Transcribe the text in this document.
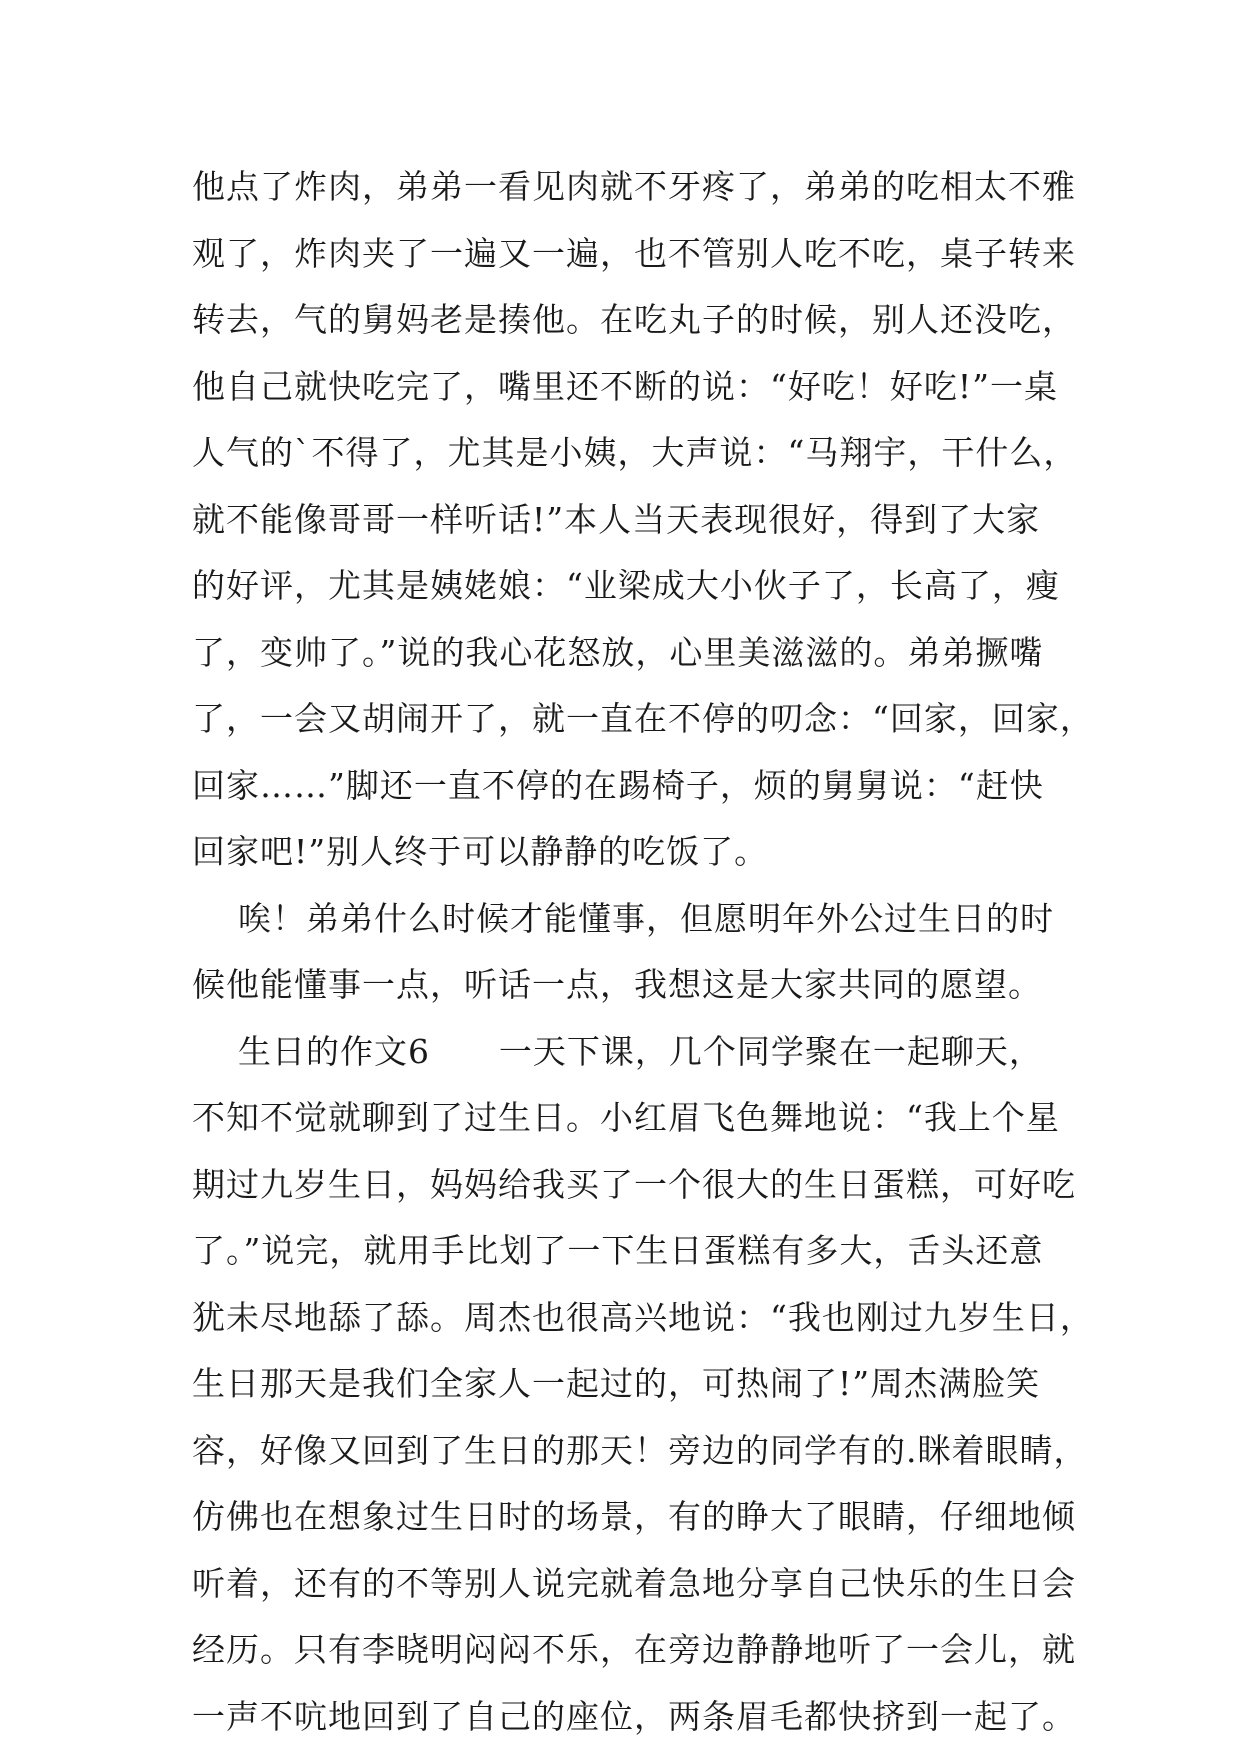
他点了炸肉，弟弟一看见肉就不牙疼了，弟弟的吃相太不雅
观了，炸肉夹了一遍又一遍，也不管别人吃不吃，桌子转来
转去，气的舅妈老是揍他。在吃丸子的时候，别人还没吃，
他自己就快吃完了，嘴里还不断的说：“好吃！好吃!”一桌
人气的`不得了，尤其是小姨，大声说：“马翔宇，干什么，
就不能像哥哥一样听话!”本人当天表现很好，得到了大家
的好评，尤其是姨姥娘：“业梁成大小伙子了，长高了，瘦
了，变帅了。”说的我心花怒放，心里美滋滋的。弟弟撅嘴
了，一会又胡闹开了，就一直在不停的叨念：“回家，回家，
回家……”脚还一直不停的在踢椅子，烦的舅舅说：“赶快
回家吧!”别人终于可以静静的吃饭了。
唉！弟弟什么时候才能懂事，但愿明年外公过生日的时
候他能懂事一点，听话一点，我想这是大家共同的愿望。
生日的作文6      一天下课，几个同学聚在一起聊天，
不知不觉就聊到了过生日。小红眉飞色舞地说：“我上个星
期过九岁生日，妈妈给我买了一个很大的生日蛋糕，可好吃
了。”说完，就用手比划了一下生日蛋糕有多大，舌头还意
犹未尽地舔了舔。周杰也很高兴地说：“我也刚过九岁生日，
生日那天是我们全家人一起过的，可热闹了!”周杰满脸笑
容，好像又回到了生日的那天！旁边的同学有的.眯着眼睛，
仿佛也在想象过生日时的场景，有的睁大了眼睛，仔细地倾
听着，还有的不等别人说完就着急地分享自己快乐的生日会
经历。只有李晓明闷闷不乐，在旁边静静地听了一会儿，就
一声不吭地回到了自己的座位，两条眉毛都快挤到一起了。
